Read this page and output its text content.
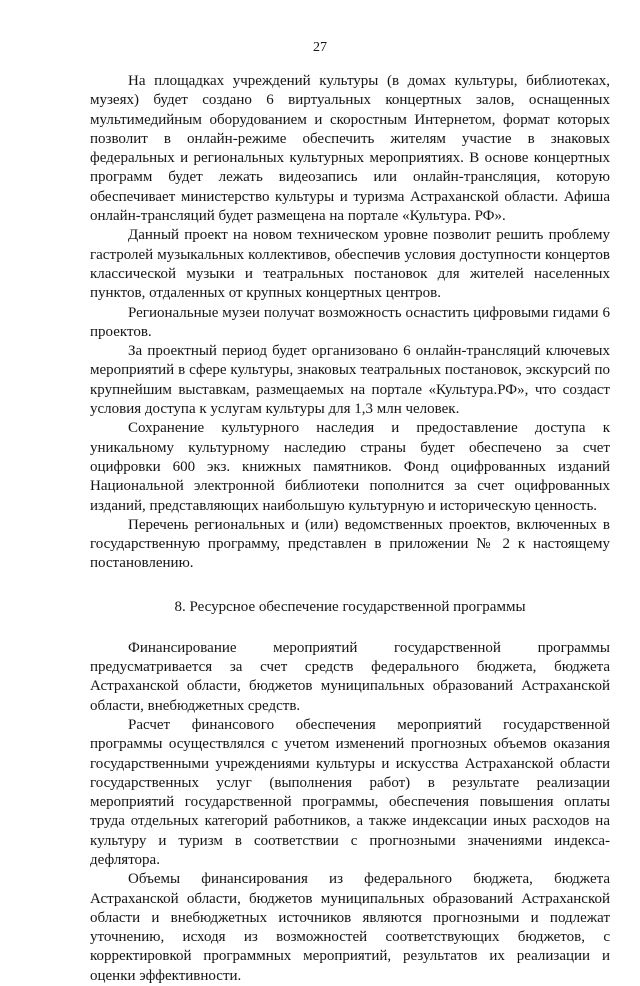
27

На площадках учреждений культуры (в домах культуры, библиотеках, музеях) будет создано 6 виртуальных концертных залов, оснащенных мультимедийным оборудованием и скоростным Интернетом, формат которых позволит в онлайн-режиме обеспечить жителям участие в знаковых федеральных и региональных культурных мероприятиях. В основе концертных программ будет лежать видеозапись или онлайн-трансляция, которую обеспечивает министерство культуры и туризма Астраханской области. Афиша онлайн-трансляций будет размещена на портале «Культура. РФ».

Данный проект на новом техническом уровне позволит решить проблему гастролей музыкальных коллективов, обеспечив условия доступности концертов классической музыки и театральных постановок для жителей населенных пунктов, отдаленных от крупных концертных центров.

Региональные музеи получат возможность оснастить цифровыми гидами 6 проектов.

За проектный период будет организовано 6 онлайн-трансляций ключевых мероприятий в сфере культуры, знаковых театральных постановок, экскурсий по крупнейшим выставкам, размещаемых на портале «Культура.РФ», что создаст условия доступа к услугам культуры для 1,3 млн человек.

Сохранение культурного наследия и предоставление доступа к уникальному культурному наследию страны будет обеспечено за счет оцифровки 600 экз. книжных памятников. Фонд оцифрованных изданий Национальной электронной библиотеки пополнится за счет оцифрованных изданий, представляющих наибольшую культурную и историческую ценность.

Перечень региональных и (или) ведомственных проектов, включенных в государственную программу, представлен в приложении № 2 к настоящему постановлению.

8. Ресурсное обеспечение государственной программы

Финансирование мероприятий государственной программы предусматривается за счет средств федерального бюджета, бюджета Астраханской области, бюджетов муниципальных образований Астраханской области, внебюджетных средств.

Расчет финансового обеспечения мероприятий государственной программы осуществлялся с учетом изменений прогнозных объемов оказания государственными учреждениями культуры и искусства Астраханской области государственных услуг (выполнения работ) в результате реализации мероприятий государственной программы, обеспечения повышения оплаты труда отдельных категорий работников, а также индексации иных расходов на культуру и туризм в соответствии с прогнозными значениями индекса-дефлятора.

Объемы финансирования из федерального бюджета, бюджета Астраханской области, бюджетов муниципальных образований Астраханской области и внебюджетных источников являются прогнозными и подлежат уточнению, исходя из возможностей соответствующих бюджетов, с корректировкой программных мероприятий, результатов их реализации и оценки эффективности.
